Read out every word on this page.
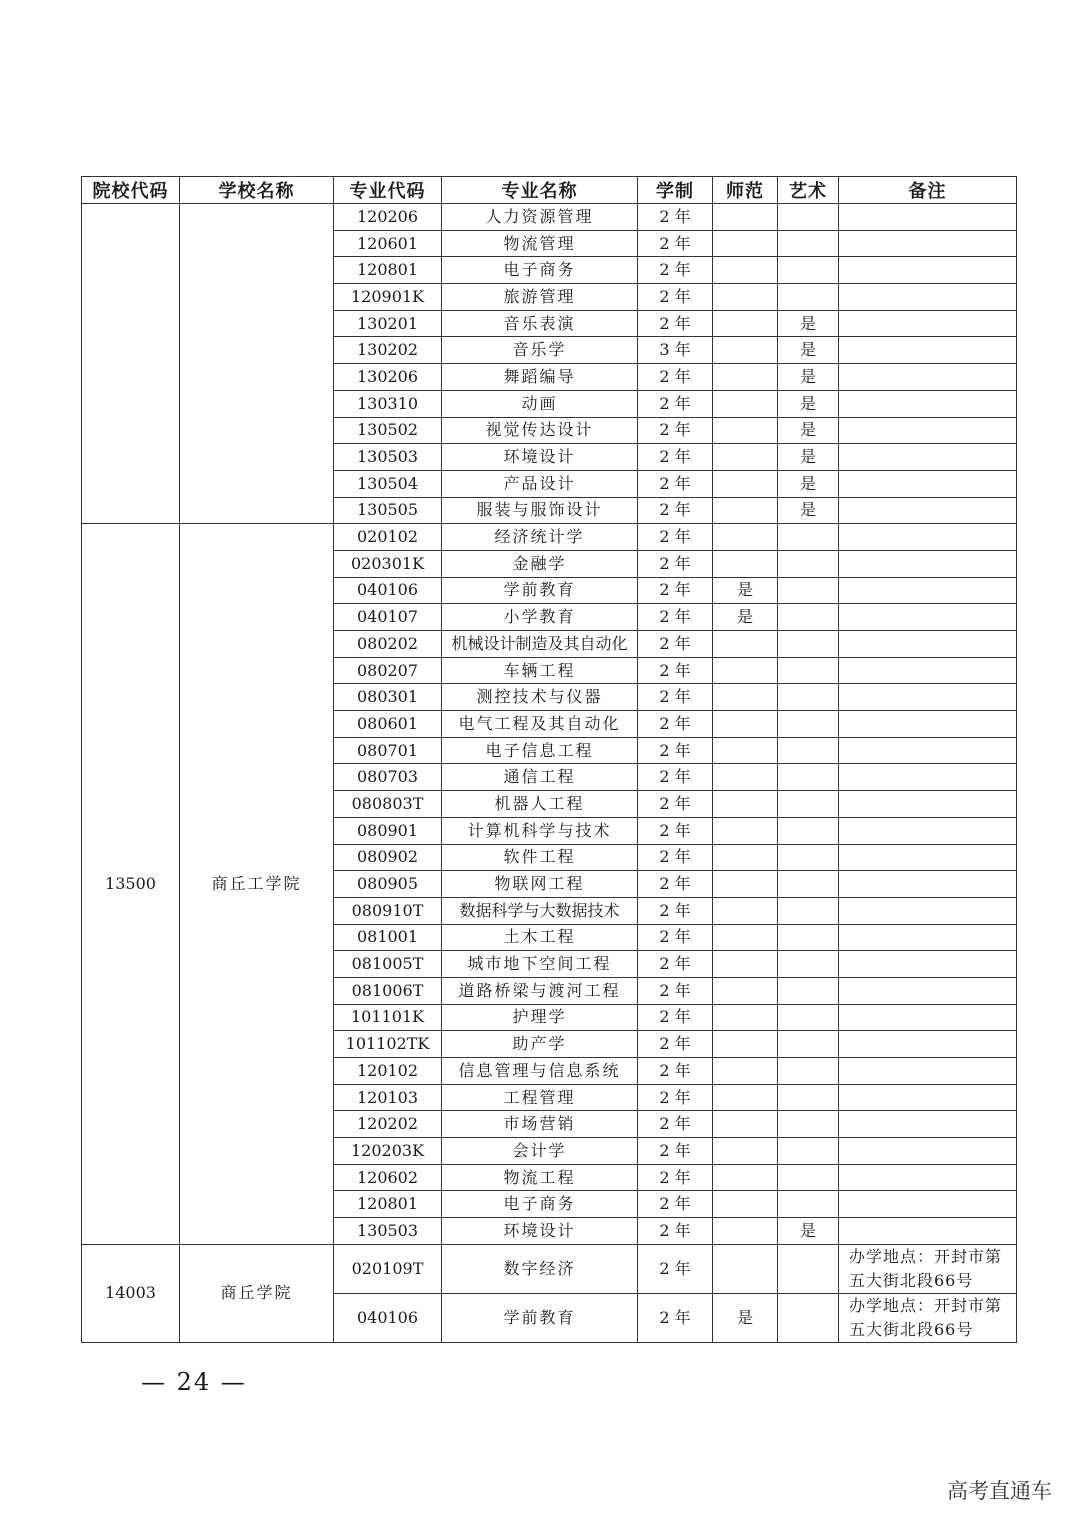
院校代码	学校名称	专业代码	专业名称	学制	师范	艺术	备注
		120206	人力资源管理	2 年			
		120601	物流管理	2 年			
		120801	电子商务	2 年			
		120901K	旅游管理	2 年			
		130201	音乐表演	2 年		是	
		130202	音乐学	3 年		是	
		130206	舞蹈编导	2 年		是	
		130310	动画	2 年		是	
		130502	视觉传达设计	2 年		是	
		130503	环境设计	2 年		是	
		130504	产品设计	2 年		是	
		130505	服装与服饰设计	2 年		是	
13500	商丘工学院	020102	经济统计学	2 年			
		020301K	金融学	2 年			
		040106	学前教育	2 年	是		
		040107	小学教育	2 年	是		
		080202	机械设计制造及其自动化	2 年			
		080207	车辆工程	2 年			
		080301	测控技术与仪器	2 年			
		080601	电气工程及其自动化	2 年			
		080701	电子信息工程	2 年			
		080703	通信工程	2 年			
		080803T	机器人工程	2 年			
		080901	计算机科学与技术	2 年			
		080902	软件工程	2 年			
		080905	物联网工程	2 年			
		080910T	数据科学与大数据技术	2 年			
		081001	土木工程	2 年			
		081005T	城市地下空间工程	2 年			
		081006T	道路桥梁与渡河工程	2 年			
		101101K	护理学	2 年			
		101102TK	助产学	2 年			
		120102	信息管理与信息系统	2 年			
		120103	工程管理	2 年			
		120202	市场营销	2 年			
		120203K	会计学	2 年			
		120602	物流工程	2 年			
		120801	电子商务	2 年			
		130503	环境设计	2 年		是	
14003	商丘学院	020109T	数字经济	2 年			办学地点：开封市第五大街北段66号
		040106	学前教育	2 年	是		办学地点：开封市第五大街北段66号
— 24 —
高考直通车
